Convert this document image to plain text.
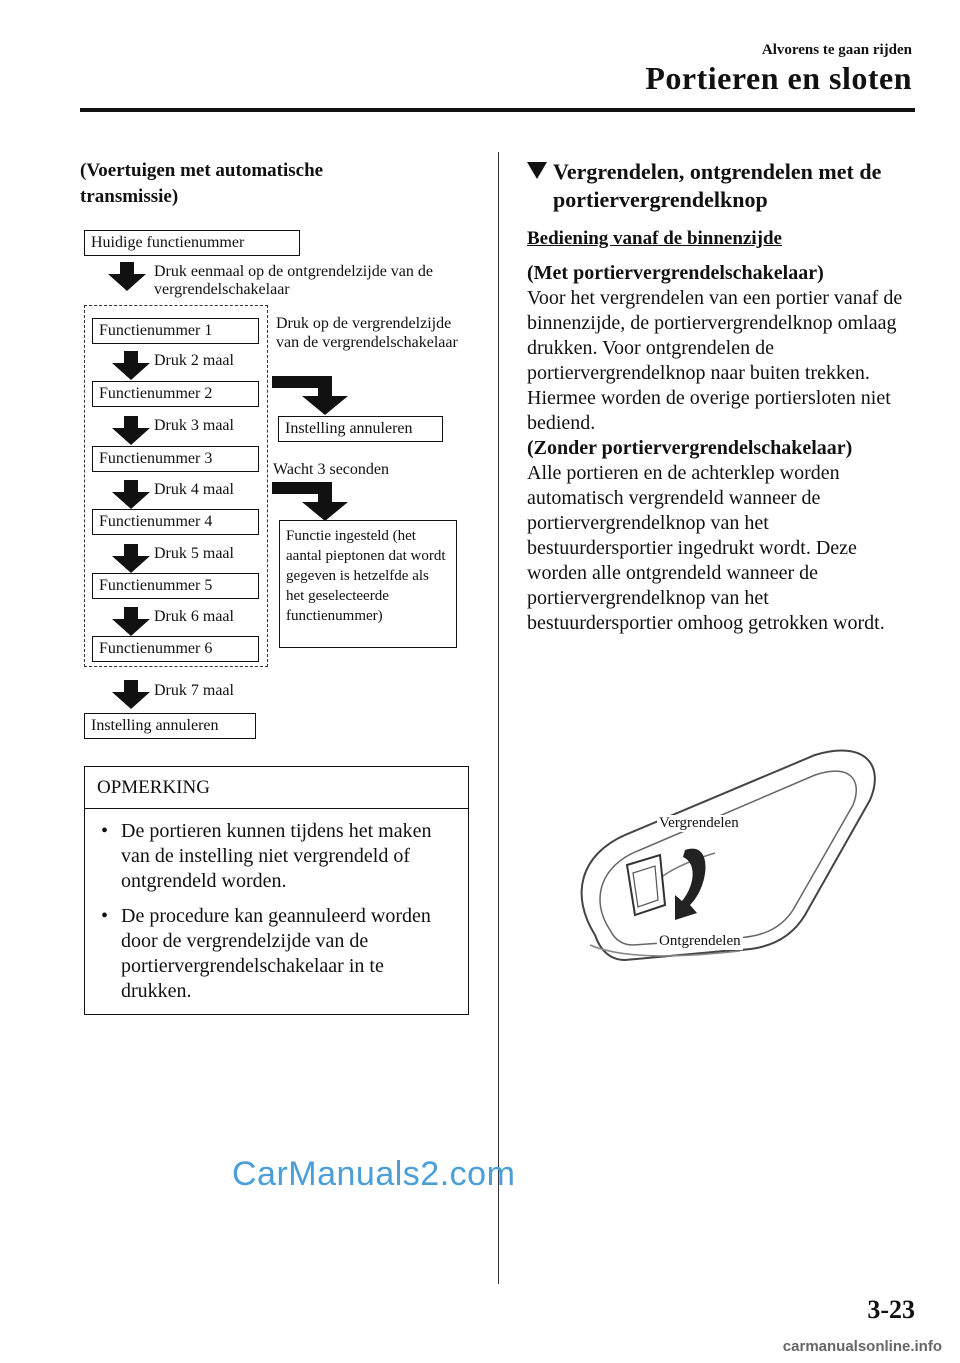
Alvorens te gaan rijden
Portieren en sloten
(Voertuigen met automatische transmissie)
Huidige functienummer
Druk eenmaal op de ontgrendelzijde van de vergrendelschakelaar
Functienummer 1
Druk 2 maal
Functienummer 2
Druk 3 maal
Functienummer 3
Druk 4 maal
Functienummer 4
Druk 5 maal
Functienummer 5
Druk 6 maal
Functienummer 6
Druk 7 maal
Instelling annuleren
Druk op de vergrendelzijde van de vergrendelschakelaar
Instelling annuleren
Wacht 3 seconden
Functie ingesteld (het aantal pieptonen dat wordt gegeven is hetzelfde als het geselecteerde functienummer)
OPMERKING
• De portieren kunnen tijdens het maken van de instelling niet vergrendeld of ontgrendeld worden.
• De procedure kan geannuleerd worden door de vergrendelzijde van de portiervergrendelschakelaar in te drukken.
Vergrendelen, ontgrendelen met de portiervergrendelknop
Bediening vanaf de binnenzijde

(Met portiervergrendelschakelaar)

Voor het vergrendelen van een portier vanaf de binnenzijde, de portiervergrendelknop omlaag drukken. Voor ontgrendelen de portiervergrendelknop naar buiten trekken.

Hiermee worden de overige portiersloten niet bediend.

(Zonder portiervergrendelschakelaar)

Alle portieren en de achterklep worden automatisch vergrendeld wanneer de portiervergrendelknop van het bestuurdersportier ingedrukt wordt. Deze worden alle ontgrendeld wanneer de portiervergrendelknop van het bestuurdersportier omhoog getrokken wordt.

Vergrendelen
Ontgrendelen
CarManuals2.com
3-23
carmanualsonline.info
